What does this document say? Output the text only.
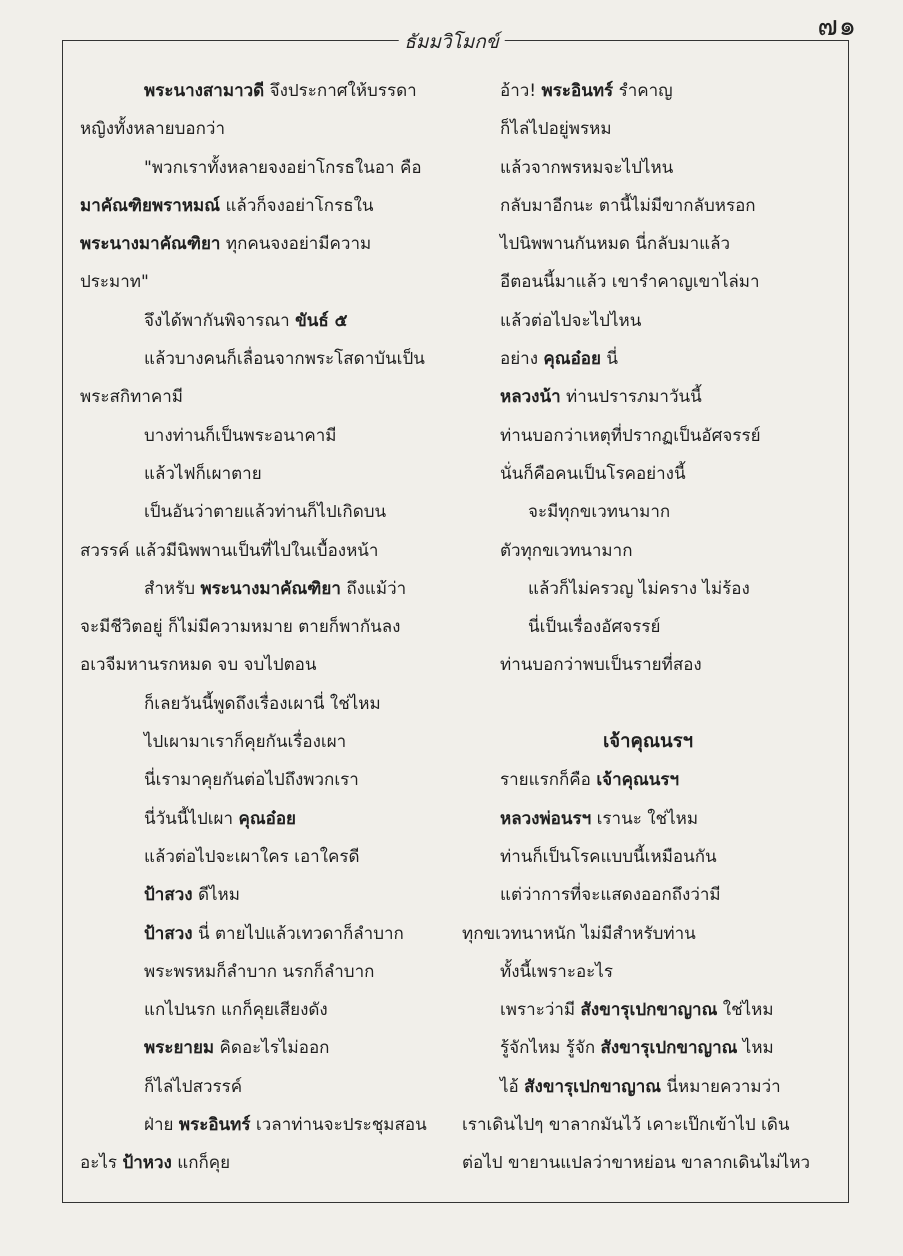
๗๑
ธัมมวิโมกข์
พระนางสามาวดี จึงประกาศให้บรรดา
หญิงทั้งหลายบอกว่า
"พวกเราทั้งหลายจงอย่าโกรธในอา คือ
มาคัณฑิยพราหมณ์ แล้วก็จงอย่าโกรธใน
พระนางมาคัณฑิยา ทุกคนจงอย่ามีความ
ประมาท"
จึงได้พากันพิจารณา ขันธ์ ๕
แล้วบางคนก็เลื่อนจากพระโสดาบันเป็น
พระสกิทาคามี
บางท่านก็เป็นพระอนาคามี
แล้วไฟก็เผาตาย
เป็นอันว่าตายแล้วท่านก็ไปเกิดบน
สวรรค์ แล้วมีนิพพานเป็นที่ไปในเบื้องหน้า
สำหรับ พระนางมาคัณฑิยา ถึงแม้ว่า
จะมีชีวิตอยู่ ก็ไม่มีความหมาย ตายก็พากันลง
อเวจีมหานรกหมด จบ จบไปตอน
ก็เลยวันนี้พูดถึงเรื่องเผานี่ ใช่ไหม
ไปเผามาเราก็คุยกันเรื่องเผา
นี่เรามาคุยกันต่อไปถึงพวกเรา
นี่วันนี้ไปเผา คุณอ๋อย
แล้วต่อไปจะเผาใคร เอาใครดี
ป้าสวง ดีไหม
ป้าสวง นี่ ตายไปแล้วเทวดาก็ลำบาก
พระพรหมก็ลำบาก นรกก็ลำบาก
แกไปนรก แกก็คุยเสียงดัง
พระยายม คิดอะไรไม่ออก
ก็ไล่ไปสวรรค์
ฝ่าย พระอินทร์ เวลาท่านจะประชุมสอน
อะไร ป้าหวง แกก็คุย
อ้าว! พระอินทร์ รำคาญ
ก็ไล่ไปอยู่พรหม
แล้วจากพรหมจะไปไหน
กลับมาอีกนะ ตานี้ไม่มีขากลับหรอก
ไปนิพพานกันหมด นี่กลับมาแล้ว
อีตอนนี้มาแล้ว เขารำคาญเขาไล่มา
แล้วต่อไปจะไปไหน
อย่าง คุณอ๋อย นี่
หลวงน้า ท่านปรารภมาวันนี้
ท่านบอกว่าเหตุที่ปรากฏเป็นอัศจรรย์
นั่นก็คือคนเป็นโรคอย่างนี้
จะมีทุกขเวทนามาก
ตัวทุกขเวทนามาก
แล้วก็ไม่ครวญ ไม่คราง ไม่ร้อง
นี่เป็นเรื่องอัศจรรย์
ท่านบอกว่าพบเป็นรายที่สอง
เจ้าคุณนรฯ
รายแรกก็คือ เจ้าคุณนรฯ
หลวงพ่อนรฯ เรานะ ใช่ไหม
ท่านก็เป็นโรคแบบนี้เหมือนกัน
แต่ว่าการที่จะแสดงออกถึงว่ามี
ทุกขเวทนาหนัก ไม่มีสำหรับท่าน
ทั้งนี้เพราะอะไร
เพราะว่ามี สังขารุเปกขาญาณ ใช่ไหม
รู้จักไหม รู้จัก สังขารุเปกขาญาณ ไหม
ไอ้ สังขารุเปกขาญาณ นี่หมายความว่า
เราเดินไปๆ ขาลากมันไว้ เคาะเป๊กเข้าไป เดิน
ต่อไป ขายานแปลว่าขาหย่อน ขาลากเดินไม่ไหว
